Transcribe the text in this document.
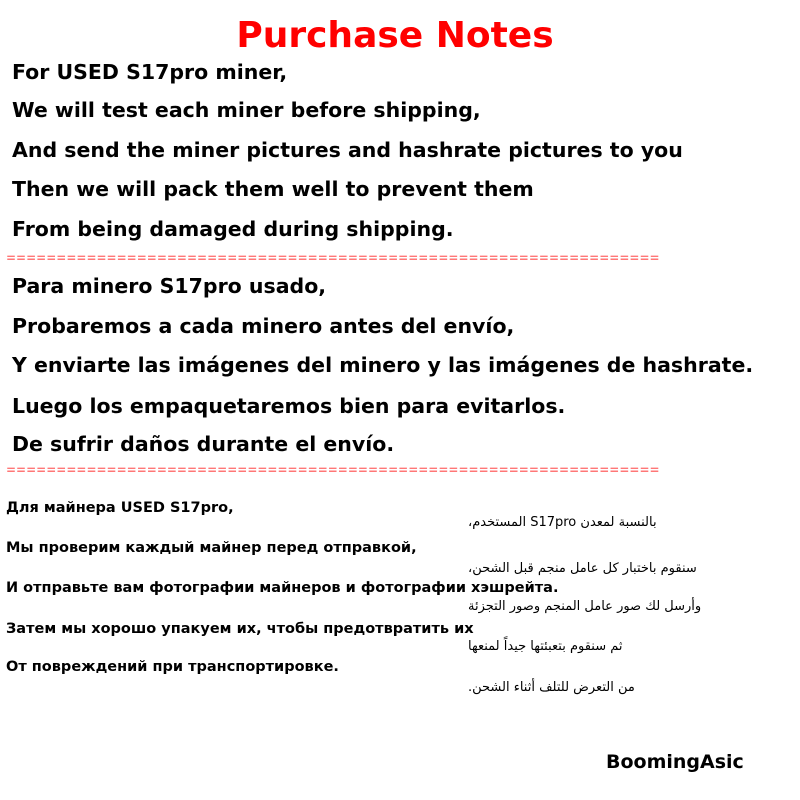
Purchase Notes
For USED S17pro miner,
We will test each miner before shipping,
And send the miner pictures and hashrate pictures to you
Then we will pack them well to prevent them
From being damaged during shipping.
=================================================================
Para minero S17pro usado,
Probaremos a cada minero antes del envío,
Y enviarte las imágenes del minero y las imágenes de hashrate.
Luego los empaquetaremos bien para evitarlos.
De sufrir daños durante el envío.
=================================================================
Для майнера USED S17pro,
Мы проверим каждый майнер перед отправкой,
И отправьте вам фотографии майнеров и фотографии хэшрейта.
Затем мы хорошо упакуем их, чтобы предотвратить их
От повреждений при транспортировке.
بالنسبة لمعدن S17pro المستخدم،
سنقوم باختبار كل عامل منجم قبل الشحن،
وأرسل لك صور عامل المنجم وصور التجزئة
ثم سنقوم بتعبئتها جيداً لمنعها
من التعرض للتلف أثناء الشحن.
BoomingAsic
